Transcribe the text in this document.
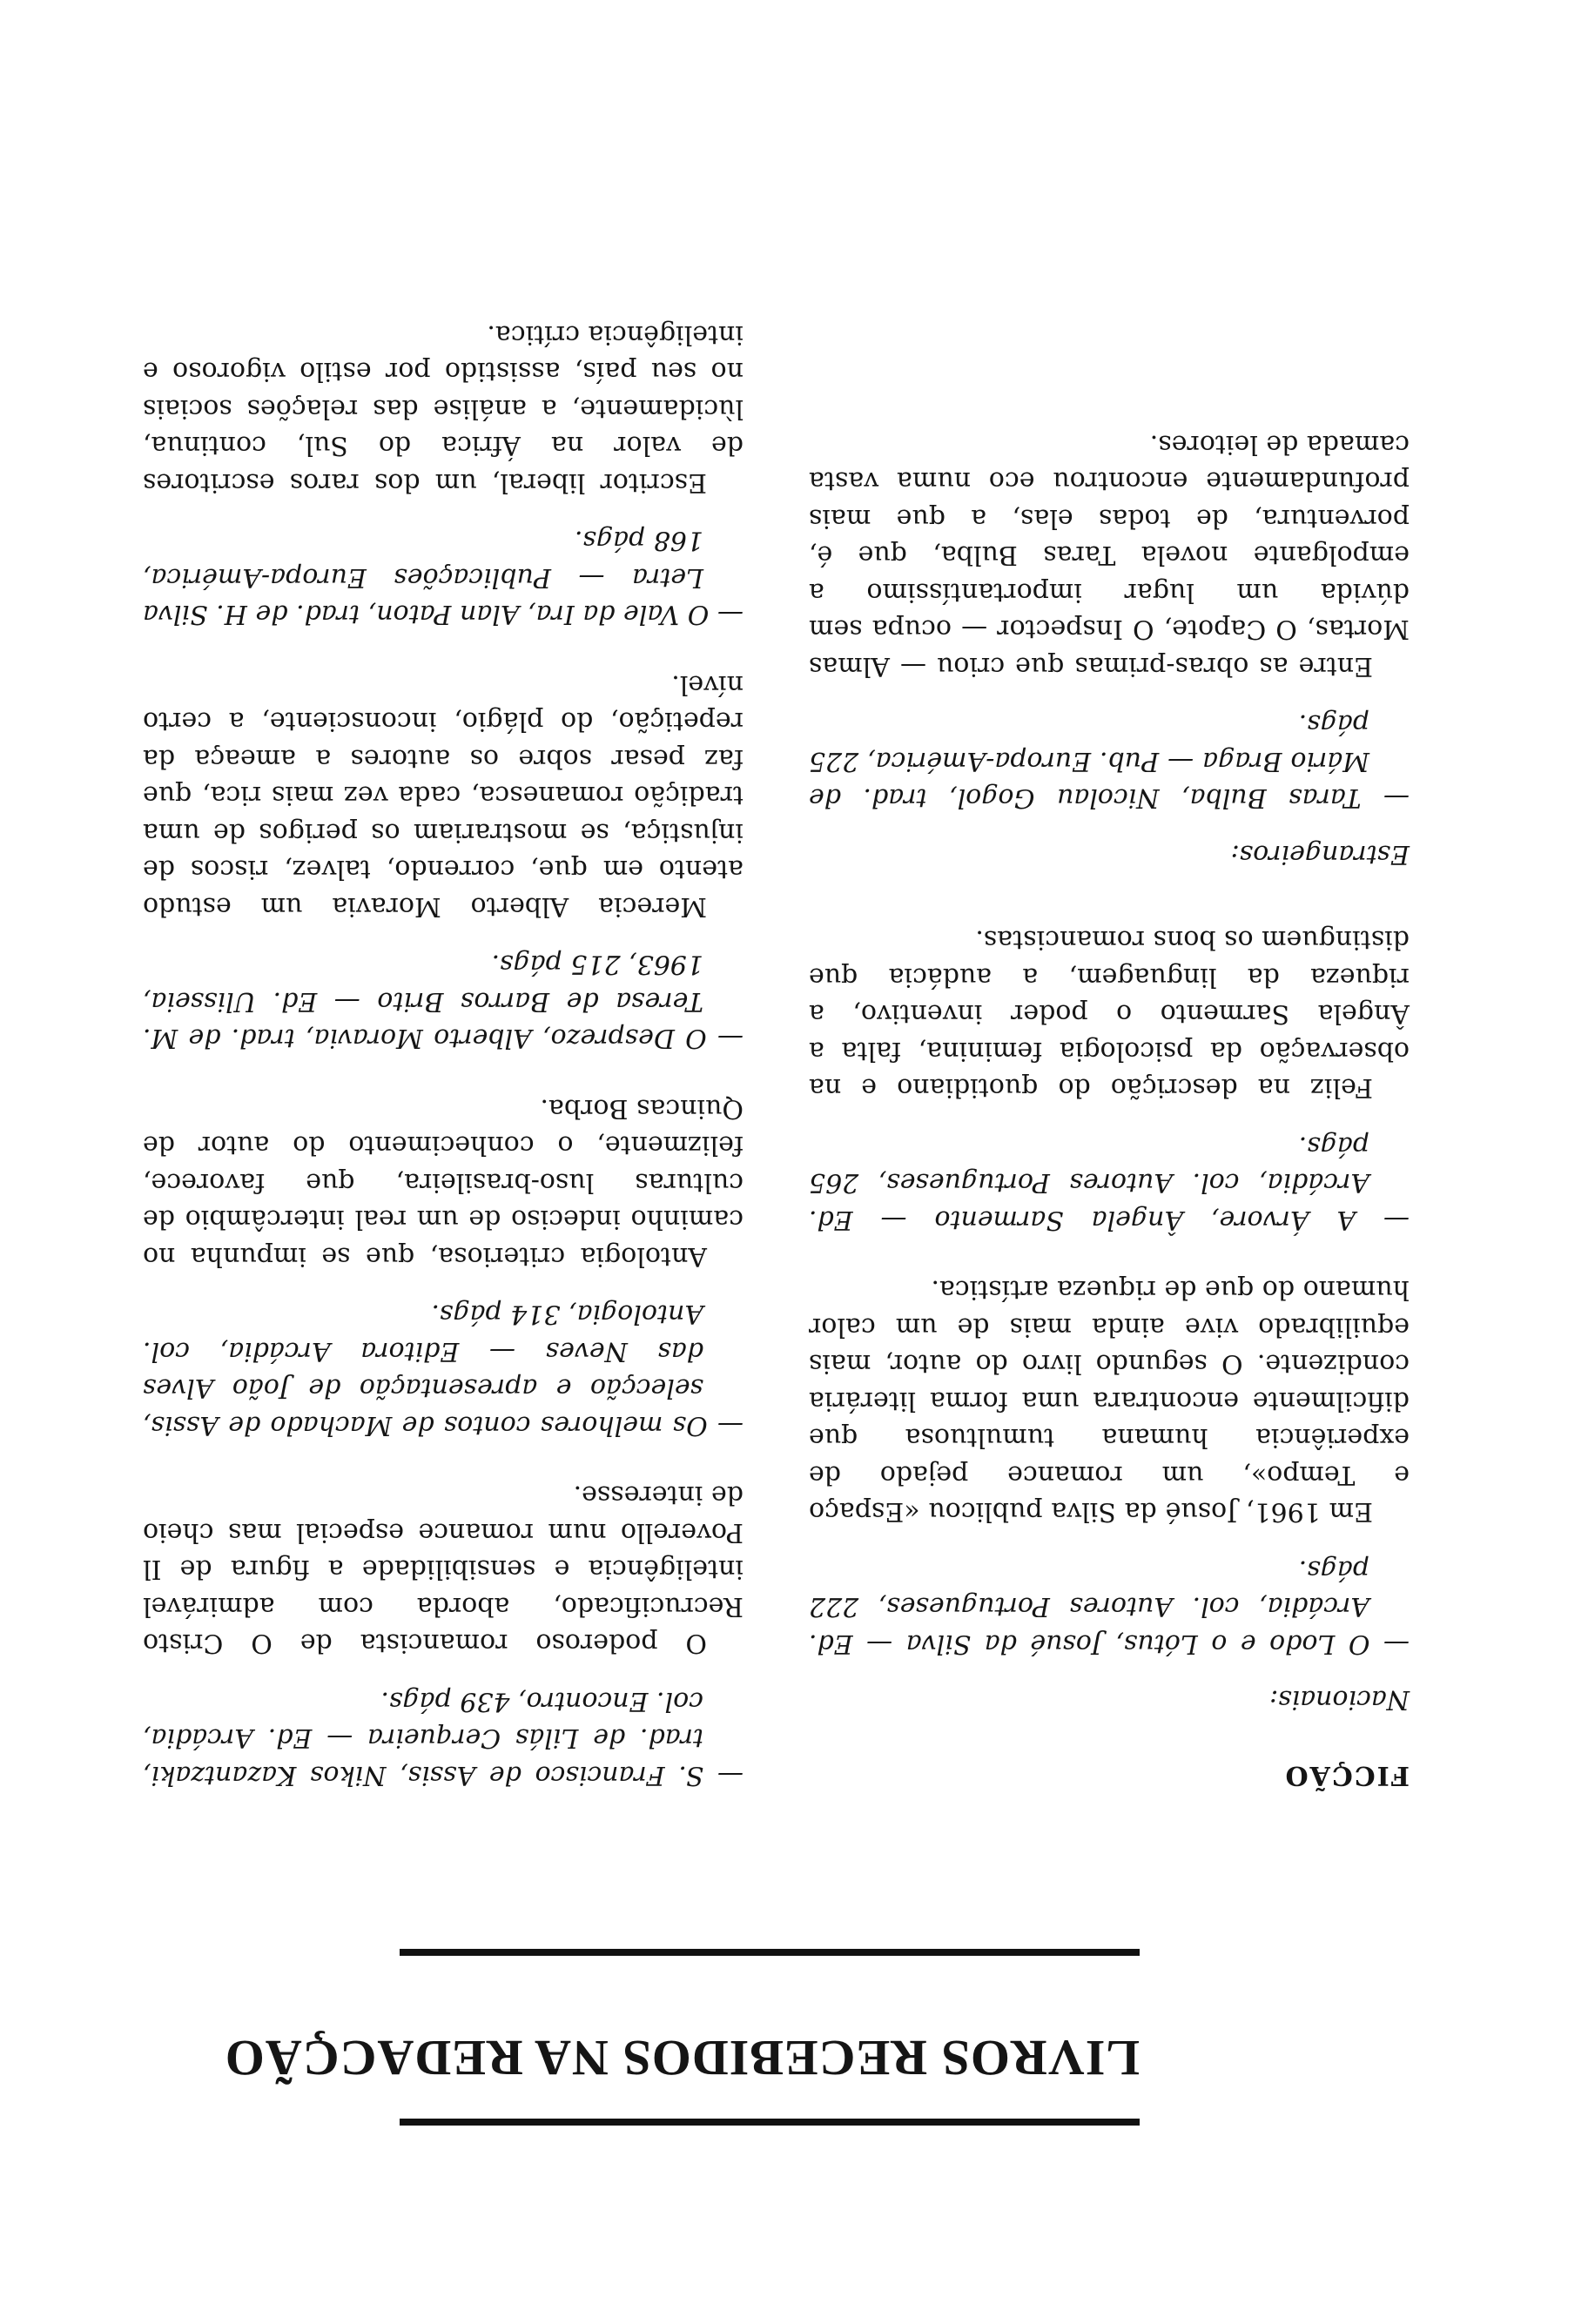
LIVROS RECEBIDOS NA REDACÇÃO

FICÇÃO

Nacionais:

— O Lodo e o Lótus, Josué da Silva — Ed. Arcádia, col. Autores Portugueses, 222 págs.

Em 1961, Josué da Silva publicou «Espaço e Tempo», um romance pejado de experiência humana tumultuosa que dificilmente encontrara uma forma literária condizente. O segundo livro do autor, mais equilibrado vive ainda mais de um calor humano do que de riqueza artística.

— A Árvore, Ângela Sarmento — Ed. Arcádia, col. Autores Portugueses, 265 págs.

Feliz na descrição do quotidiano e na observação da psicologia feminina, falta a Ângela Sarmento o poder inventivo, a riqueza da linguagem, a audácia que distinguem os bons romancistas.

Estrangeiros:

— Taras Bulba, Nicolau Gogol, trad. de Mário Braga — Pub. Europa-América, 225 págs.

Entre as obras-primas que criou — Almas Mortas, O Capote, O Inspector — ocupa sem dúvida um lugar importantíssimo a empolgante novela Taras Bulba, que é, porventura, de todas elas, a que mais profundamente encontrou eco numa vasta camada de leitores.

— S. Francisco de Assis, Nikos Kazantzaki, trad. de Lilás Cerqueira — Ed. Arcádia, col. Encontro, 439 págs.

O poderoso romancista de O Cristo Recrucificado, aborda com admirável inteligência e sensibilidade a figura de Il Poverello num romance especial mas cheio de interesse.

— Os melhores contos de Machado de Assis, selecção e apresentação de João Alves das Neves — Editora Arcádia, col. Antologia, 314 págs.

Antologia criteriosa, que se impunha no caminho indeciso de um real intercâmbio de culturas luso-brasileira, que favorece, felizmente, o conhecimento do autor de Quincas Borba.

— O Desprezo, Alberto Moravia, trad. de M. Teresa de Barros Brito — Ed. Ulisseia, 1963, 215 págs.

Merecia Alberto Moravia um estudo atento em que, correndo, talvez, riscos de injustiça, se mostrariam os perigos de uma tradição romanesca, cada vez mais rica, que faz pesar sobre os autores a ameaça da repetição, do plágio, inconsciente, a certo nível.

— O Vale da Ira, Alan Paton, trad. de H. Silva Letra — Publicações Europa-América, 168 págs.

Escritor liberal, um dos raros escritores de valor na África do Sul, continua, lùcidamente, a análise das relações sociais no seu país, assistido por estilo vigoroso e inteligência crítica.
